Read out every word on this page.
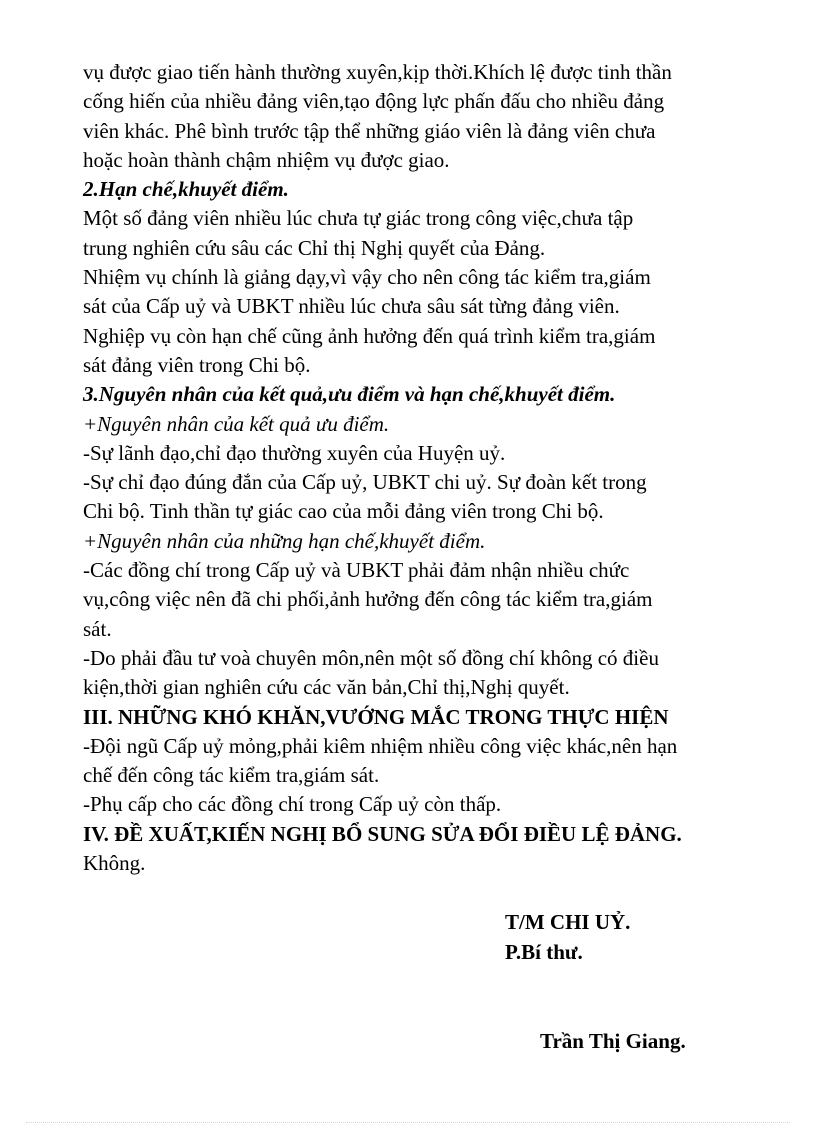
vụ được giao tiến hành thường xuyên,kịp thời.Khích lệ được tinh thần
cống hiến của nhiều đảng viên,tạo động lực phấn đấu cho nhiều đảng
viên khác. Phê bình trước tập thể những giáo viên là đảng viên chưa
hoặc hoàn thành chậm nhiệm vụ được giao.
2.Hạn chế,khuyết điểm.
Một số đảng viên nhiều lúc chưa tự giác trong công việc,chưa tập
trung nghiên cứu sâu các Chỉ thị Nghị quyết của Đảng.
Nhiệm vụ chính là giảng dạy,vì vậy cho nên công tác kiểm tra,giám
sát của Cấp uỷ và UBKT nhiều lúc chưa sâu sát từng đảng viên.
Nghiệp vụ còn hạn chế cũng ảnh hưởng đến quá trình kiểm tra,giám
sát đảng viên trong Chi bộ.
3.Nguyên nhân của kết quả,ưu điểm và hạn chế,khuyết điểm.
+Nguyên nhân của kết quả ưu điểm.
-Sự lãnh đạo,chỉ đạo thường xuyên của Huyện uỷ.
-Sự chỉ đạo đúng đắn của Cấp uỷ, UBKT chi uỷ. Sự đoàn kết trong
Chi bộ. Tinh thần tự giác cao của mỗi đảng viên trong Chi bộ.
+Nguyên nhân của những hạn chế,khuyết điểm.
-Các đồng chí trong Cấp uỷ và UBKT phải đảm nhận nhiều chức
vụ,công việc nên đã chi phối,ảnh hưởng đến công tác kiểm tra,giám
sát.
-Do phải đầu tư voà chuyên môn,nên một số đồng chí không có điều
kiện,thời gian nghiên cứu các văn bản,Chỉ thị,Nghị quyết.
III. NHỮNG KHÓ KHĂN,VƯỚNG MẮC TRONG THỰC HIỆN
-Đội ngũ Cấp uỷ mỏng,phải kiêm nhiệm nhiều công việc khác,nên hạn
chế đến công tác kiểm tra,giám sát.
-Phụ cấp cho các đồng chí trong Cấp uỷ còn thấp.
IV. ĐỀ XUẤT,KIẾN NGHỊ BỔ SUNG SỬA ĐỔI ĐIỀU LỆ ĐẢNG.
Không.
T/M CHI UỶ.
P.Bí thư.
Trần Thị Giang.
